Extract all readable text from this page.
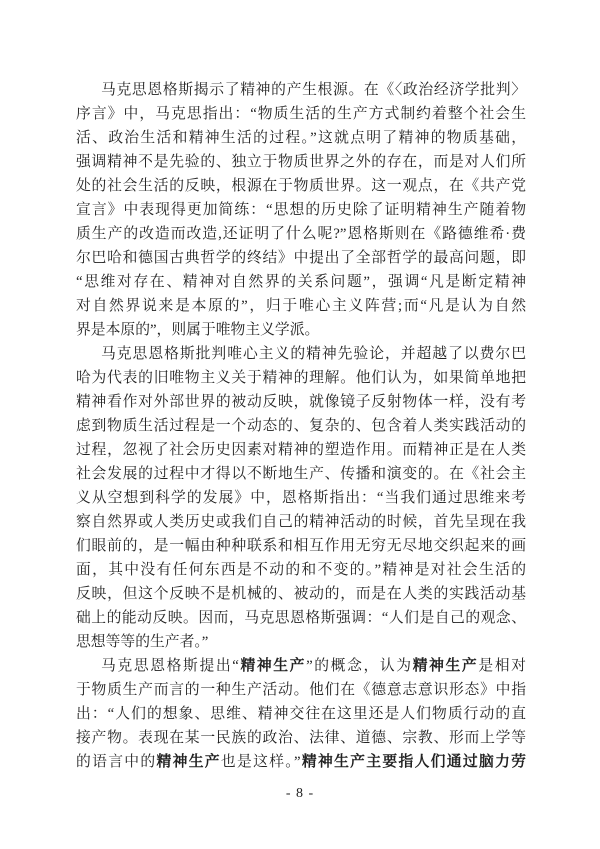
马克思恩格斯揭示了精神的产生根源。在《〈政治经济学批判〉
序言》中，马克思指出：“物质生活的生产方式制约着整个社会生
活、政治生活和精神生活的过程。”这就点明了精神的物质基础，
强调精神不是先验的、独立于物质世界之外的存在，而是对人们所
处的社会生活的反映，根源在于物质世界。这一观点，在《共产党
宣言》中表现得更加简练：“思想的历史除了证明精神生产随着物
质生产的改造而改造,还证明了什么呢?”恩格斯则在《路德维希·费
尔巴哈和德国古典哲学的终结》中提出了全部哲学的最高问题，即
“思维对存在、精神对自然界的关系问题”，强调“凡是断定精神
对自然界说来是本原的”，归于唯心主义阵营;而“凡是认为自然
界是本原的”，则属于唯物主义学派。
马克思恩格斯批判唯心主义的精神先验论，并超越了以费尔巴
哈为代表的旧唯物主义关于精神的理解。他们认为，如果简单地把
精神看作对外部世界的被动反映，就像镜子反射物体一样，没有考
虑到物质生活过程是一个动态的、复杂的、包含着人类实践活动的
过程，忽视了社会历史因素对精神的塑造作用。而精神正是在人类
社会发展的过程中才得以不断地生产、传播和演变的。在《社会主
义从空想到科学的发展》中，恩格斯指出：“当我们通过思维来考
察自然界或人类历史或我们自己的精神活动的时候，首先呈现在我
们眼前的，是一幅由种种联系和相互作用无穷无尽地交织起来的画
面，其中没有任何东西是不动的和不变的。”精神是对社会生活的
反映，但这个反映不是机械的、被动的，而是在人类的实践活动基
础上的能动反映。因而，马克思恩格斯强调：“人们是自己的观念、
思想等等的生产者。”
马克思恩格斯提出“精神生产”的概念，认为精神生产是相对
于物质生产而言的一种生产活动。他们在《德意志意识形态》中指
出：“人们的想象、思维、精神交往在这里还是人们物质行动的直
接产物。表现在某一民族的政治、法律、道德、宗教、形而上学等
的语言中的精神生产也是这样。”精神生产主要指人们通过脑力劳
- 8 -
